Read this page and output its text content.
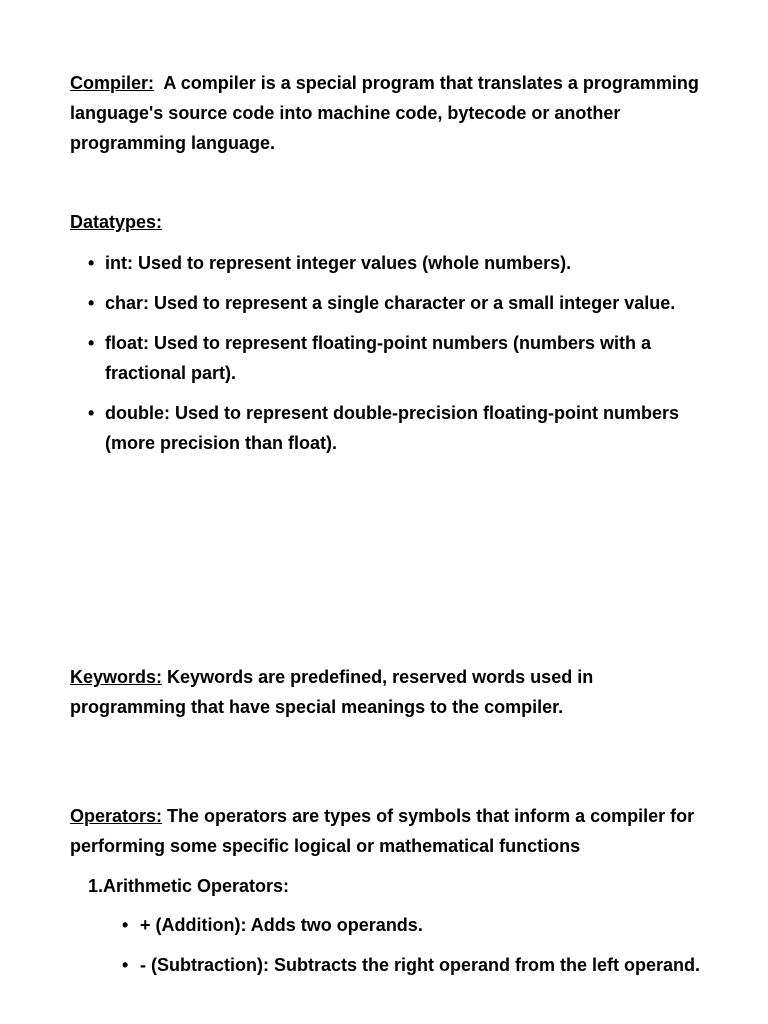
Compiler: A compiler is a special program that translates a programming language's source code into machine code, bytecode or another programming language.
Datatypes:
• int: Used to represent integer values (whole numbers).
• char: Used to represent a single character or a small integer value.
• float: Used to represent floating-point numbers (numbers with a fractional part).
• double: Used to represent double-precision floating-point numbers (more precision than float).
Keywords: Keywords are predefined, reserved words used in programming that have special meanings to the compiler.
Operators: The operators are types of symbols that inform a compiler for performing some specific logical or mathematical functions
1.Arithmetic Operators:
• + (Addition): Adds two operands.
• - (Subtraction): Subtracts the right operand from the left operand.
